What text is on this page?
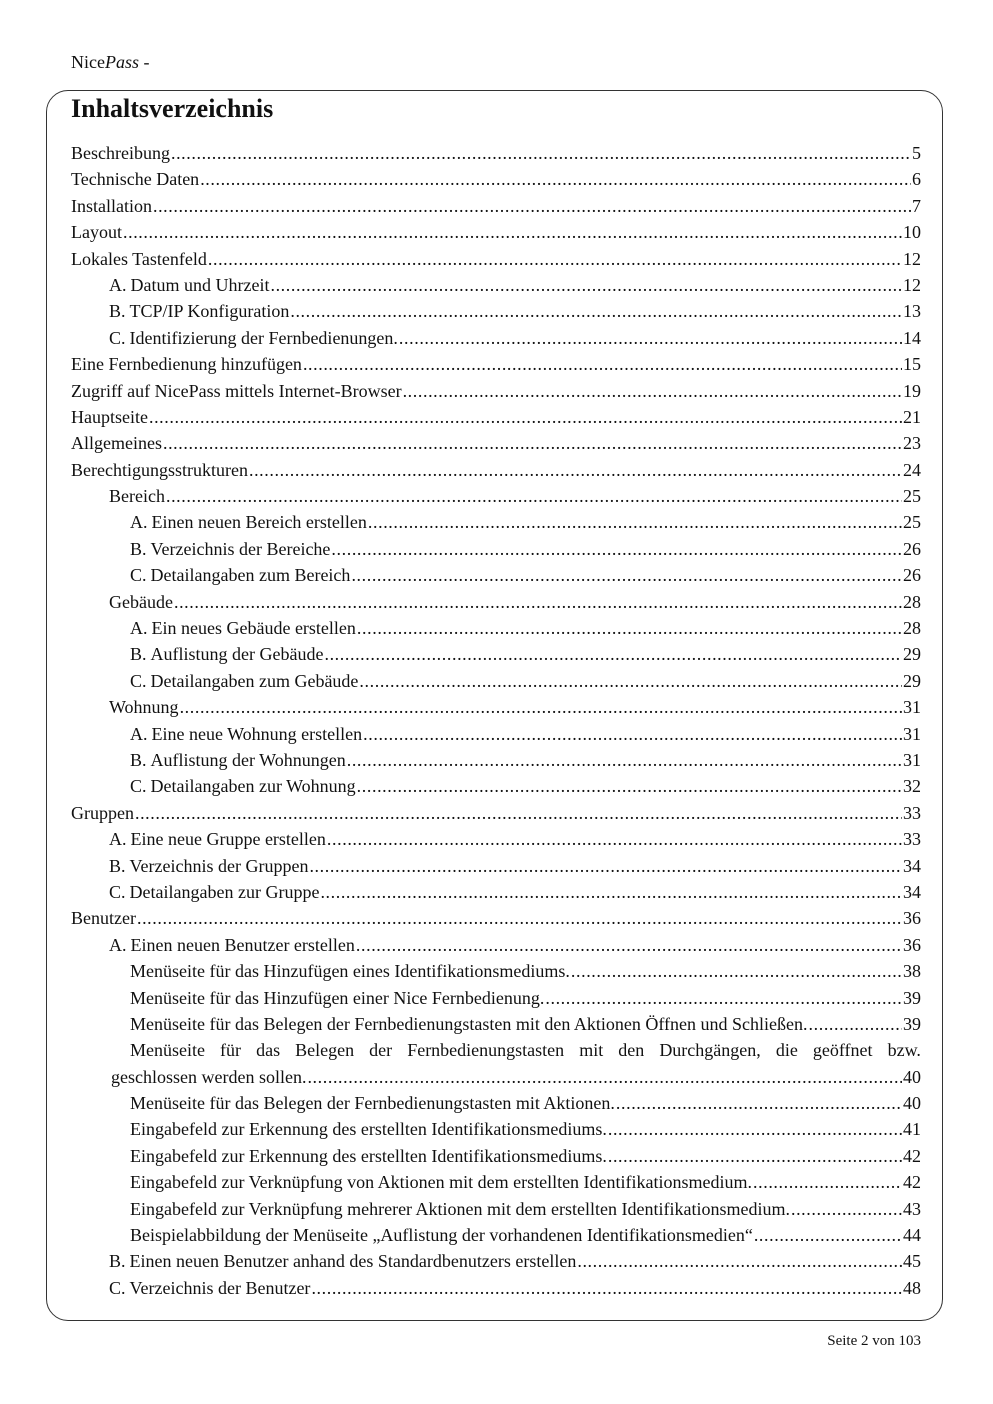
NicePass -
Inhaltsverzeichnis
Beschreibung .....	5
Technische Daten .....	6
Installation .....	7
Layout .....	10
Lokales Tastenfeld .....	12
A. Datum und Uhrzeit .....	12
B. TCP/IP Konfiguration .....	13
C. Identifizierung der Fernbedienungen. .....	14
Eine Fernbedienung hinzufügen .....	15
Zugriff auf NicePass mittels Internet-Browser .....	19
Hauptseite .....	21
Allgemeines .....	23
Berechtigungsstrukturen .....	24
Bereich .....	25
A. Einen neuen Bereich erstellen .....	25
B. Verzeichnis der Bereiche .....	26
C. Detailangaben zum Bereich .....	26
Gebäude .....	28
A. Ein neues Gebäude erstellen .....	28
B. Auflistung der Gebäude .....	29
C. Detailangaben zum Gebäude .....	29
Wohnung .....	31
A. Eine neue Wohnung erstellen .....	31
B. Auflistung der Wohnungen .....	31
C. Detailangaben zur Wohnung .....	32
Gruppen .....	33
A. Eine neue Gruppe erstellen .....	33
B. Verzeichnis der Gruppen .....	34
C. Detailangaben zur Gruppe .....	34
Benutzer .....	36
A. Einen neuen Benutzer erstellen .....	36
Menüseite für das Hinzufügen eines Identifikationsmediums. .....	38
Menüseite für das Hinzufügen einer Nice Fernbedienung. .....	39
Menüseite für das Belegen der Fernbedienungstasten mit den Aktionen Öffnen und Schließen. .....	39
Menüseite für das Belegen der Fernbedienungstasten mit den Durchgängen, die geöffnet bzw.
geschlossen werden sollen. .....	40
Menüseite für das Belegen der Fernbedienungstasten mit Aktionen. .....	40
Eingabefeld zur Erkennung des erstellten Identifikationsmediums. .....	41
Eingabefeld zur Erkennung des erstellten Identifikationsmediums. .....	42
Eingabefeld zur Verknüpfung von Aktionen mit dem erstellten Identifikationsmedium. .....	42
Eingabefeld zur Verknüpfung mehrerer Aktionen mit dem erstellten Identifikationsmedium. .....	43
Beispielabbildung der Menüseite „Auflistung der vorhandenen Identifikationsmedien“ .....	44
B. Einen neuen Benutzer anhand des Standardbenutzers erstellen .....	45
C. Verzeichnis der Benutzer .....	48
Seite 2 von 103
